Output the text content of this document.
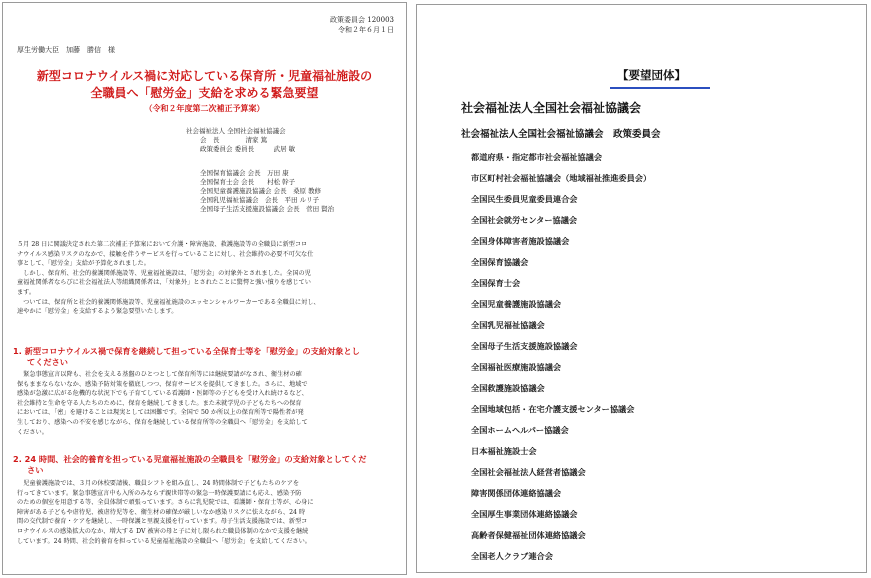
政策委員会 120003
令和２年６月１日
厚生労働大臣　加藤　勝信　様
新型コロナウイルス禍に対応している保育所・児童福祉施設の
全職員へ「慰労金」支給を求める緊急要望
（令和２年度第二次補正予算案）
社会福祉法人 全国社会福祉協議会
会　長　　　　清家 篤
政策委員会 委員長　　　武居 敏
全国保育協議会 会長　万田 康
全国保育士会 会長　　村松 幹子
全国児童養護施設協議会 会長　桑原 教修
全国乳児福祉協議会　会長　平田 ルリ子
全国母子生活支援施設協議会 会長　菅田 賢治
５月 28 日に閣議決定された第二次補正予算案において介護・障害施設、救護施設等の全職員に新型コロ
ナウイルス感染リスクのなかで、接触を伴うサービスを行っていることに対し、社会維持の必要不可欠な仕
事として、「慰労金」支給が予算化されました。
　しかし、保育所、社会的養護関係施設等、児童福祉施設は、「慰労金」の対象外とされました。全国の児
童福祉関係者ならびに社会福祉法人等組織関係者は、「対象外」とされたことに驚愕と強い憤りを感じてい
ます。
　ついては、保育所と社会的養護関係施設等、児童福祉施設のエッセンシャルワーカーである全職員に対し、
速やかに「慰労金」を支給するよう緊急要望いたします。
1. 新型コロナウイルス禍で保育を継続して担っている全保育士等を「慰労金」の支給対象とし
てください
　緊急事態宣言以降も、社会を支える基盤のひとつとして保育所等には継続要請がなされ、衛生材の確
保もままならないなか、感染予防対策を徹底しつつ、保育サービスを提供してきました。さらに、地域で
感染が急激に広がる危機的な状況下でも子育てしている看護師・医師等の子どもを受け入れ続けるなど、
社会維持と生命を守る人たちのために、保育を継続してきました。また未就学児の子どもたちへの保育
においては、「密」を避けることは現実としては困難です。全国で 50 か所以上の保育所等で陽性者が発
生しており、感染への不安を感じながら、保育を継続している保育所等の全職員へ「慰労金」を支給して
ください。
2. 24 時間、社会的養育を担っている児童福祉施設の全職員を「慰労金」の支給対象としてくだ
さい
　児童養護施設では、３月の休校要請後、職員シフトを組み直し、24 時間体制で子どもたちのケアを
行ってきています。緊急事態宣言中も入所のみならず親世帯等の緊急一時保護要請にも応え、感染予防
のための個室を用意する等、全員体制で頑張っています。さらに乳児院では、看護師・保育士等が、心身に
障害がある子どもや虐待児、被虐待児等を、衛生材の確保が厳しいなか感染リスクに怯えながら、24 時
間の交代制で養育・ケアを継続し、一時保護と里親支援を行っています。母子生活支援施設では、新型コ
ロナウイルスの感染拡大のなか、増大する DV 被害の母と子に対し限られた職員体制のなかで支援を継続
しています。24 時間、社会的養育を担っている児童福祉施設の全職員へ「慰労金」を支給してください。
【要望団体】
社会福祉法人全国社会福祉協議会
社会福祉法人全国社会福祉協議会　政策委員会
都道府県・指定都市社会福祉協議会
市区町村社会福祉協議会（地域福祉推進委員会）
全国民生委員児童委員連合会
全国社会就労センター協議会
全国身体障害者施設協議会
全国保育協議会
全国保育士会
全国児童養護施設協議会
全国乳児福祉協議会
全国母子生活支援施設協議会
全国福祉医療施設協議会
全国救護施設協議会
全国地域包括・在宅介護支援センター協議会
全国ホームヘルパー協議会
日本福祉施設士会
全国社会福祉法人経営者協議会
障害関係団体連絡協議会
全国厚生事業団体連絡協議会
高齢者保健福祉団体連絡協議会
全国老人クラブ連合会
